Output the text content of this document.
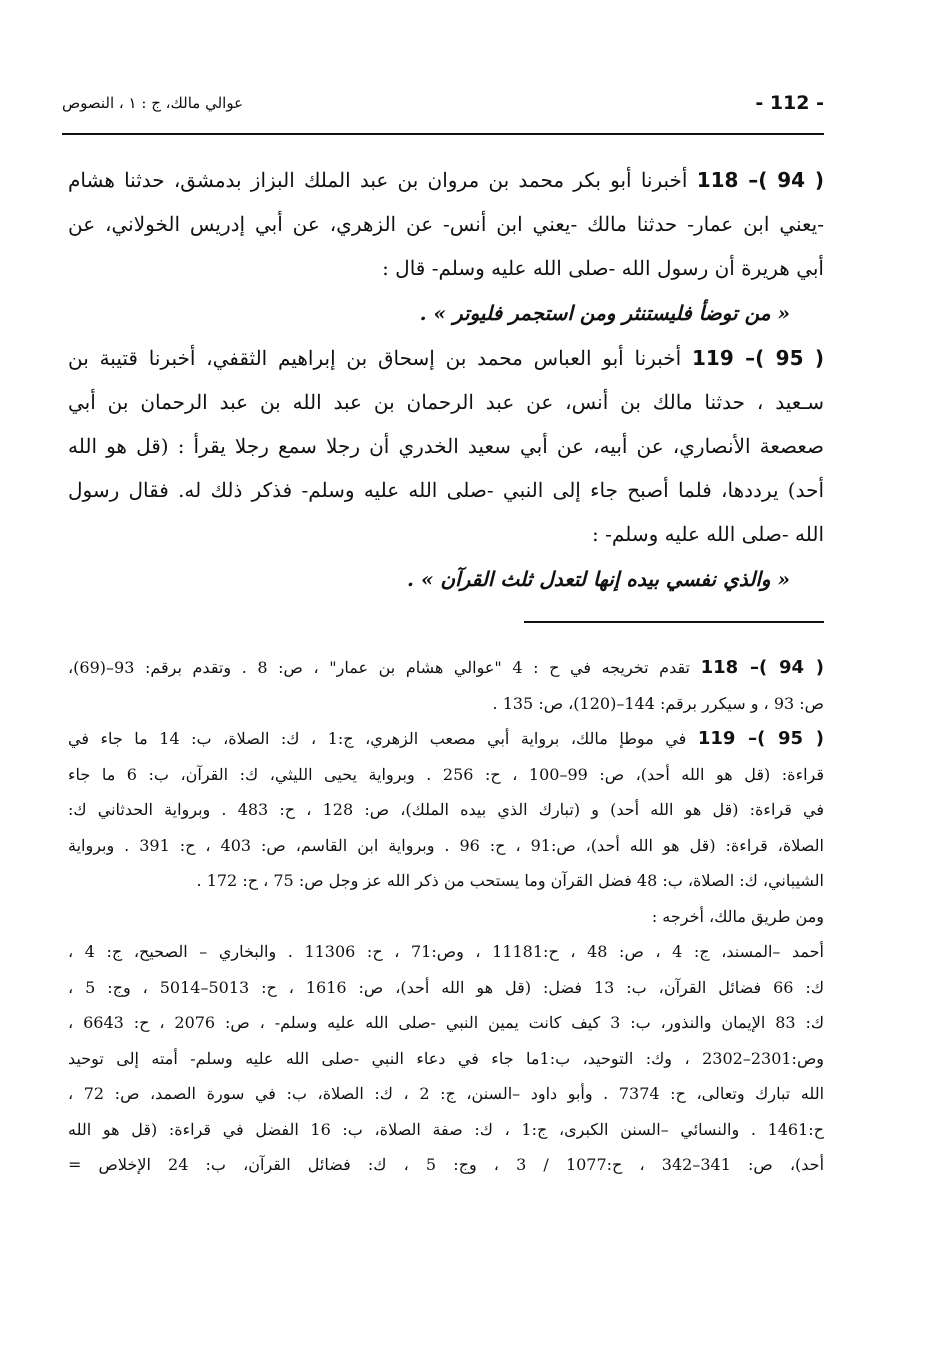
- 112 -
عوالي مالك، ج : ١ ، النصوص
118 –( 94 ) أخبرنا أبو بكر محمد بن مروان بن عبد الملك البزاز بدمشق، حدثنا هشام
-يعني ابن عمار- حدثنا مالك -يعني ابن أنس- عن الزهري، عن أبي إدريس الخولاني، عن
أبي هريرة أن رسول الله -صلى الله عليه وسلم- قال :
« من توضأ فليستنثر ومن استجمر فليوتر » .
119 –( 95 ) أخبرنا أبو العباس محمد بن إسحاق بن إبراهيم الثقفي، أخبرنا قتيبة بن
سـعيد ، حدثنا مالك بن أنس، عن عبد الرحمان بن عبد الله بن عبد الرحمان بن أبي
صعصعة الأنصاري، عن أبيه، عن أبي سعيد الخدري أن رجلا سمع رجلا يقرأ : (قل هو الله
أحد) يرددها، فلما أصبح جاء إلى النبي -صلى الله عليه وسلم- فذكر ذلك له. فقال رسول
الله -صلى الله عليه وسلم- :
« والذي نفسي بيده إنها لتعدل ثلث القرآن » .
118 –( 94 ) تقدم تخريجه في ح : 4 "عوالي هشام بن عمار" ، ص: 8 . وتقدم برقم: 93–(69)،
ص: 93 ، و سيكرر برقم: 144–(120)، ص: 135 .
119 –( 95 ) في موطإ مالك، برواية أبي مصعب الزهري، ج:1 ، ك: الصلاة، ب: 14 ما جاء في
قراءة: (قل هو الله أحد)، ص: 99–100 ، ح: 256 . وبرواية يحيى الليثي، ك: القرآن، ب: 6 ما جاء
في قراءة: (قل هو الله أحد) و (تبارك الذي بيده الملك)، ص: 128 ، ح: 483 . وبرواية الحدثاني ك:
الصلاة، قراءة: (قل هو الله أحد)، ص:91 ، ح: 96 . وبرواية ابن القاسم، ص: 403 ، ح: 391 . وبرواية
الشيباني، ك: الصلاة، ب: 48 فضل القرآن وما يستحب من ذكر الله عز وجل ص: 75 ، ح: 172 .
ومن طريق مالك، أخرجه :
أحمد –المسند، ج: 4 ، ص: 48 ، ح:11181 ، وص:71 ، ح: 11306 . والبخاري – الصحيح، ج: 4 ،
ك: 66 فضائل القرآن، ب: 13 فضل: (قل هو الله أحد)، ص: 1616 ، ح: 5013–5014 ، وج: 5 ،
ك: 83 الإيمان والنذور، ب: 3 كيف كانت يمين النبي -صلى الله عليه وسلم- ، ص: 2076 ، ح: 6643 ،
وص:2301–2302 ، وك: التوحيد، ب:1ما جاء في دعاء النبي -صلى الله عليه وسلم- أمته إلى توحيد
الله تبارك وتعالى، ح: 7374 . وأبو داود –السنن، ج: 2 ، ك: الصلاة، ب: في سورة الصمد، ص: 72 ،
ح:1461 . والنسائي –السنن الكبرى، ج:1 ، ك: صفة الصلاة، ب: 16 الفضل في قراءة: (قل هو الله
أحد)، ص: 341–342 ، ح:1077 / 3 ، وج: 5 ، ك: فضائل القرآن، ب: 24 الإخلاص =
